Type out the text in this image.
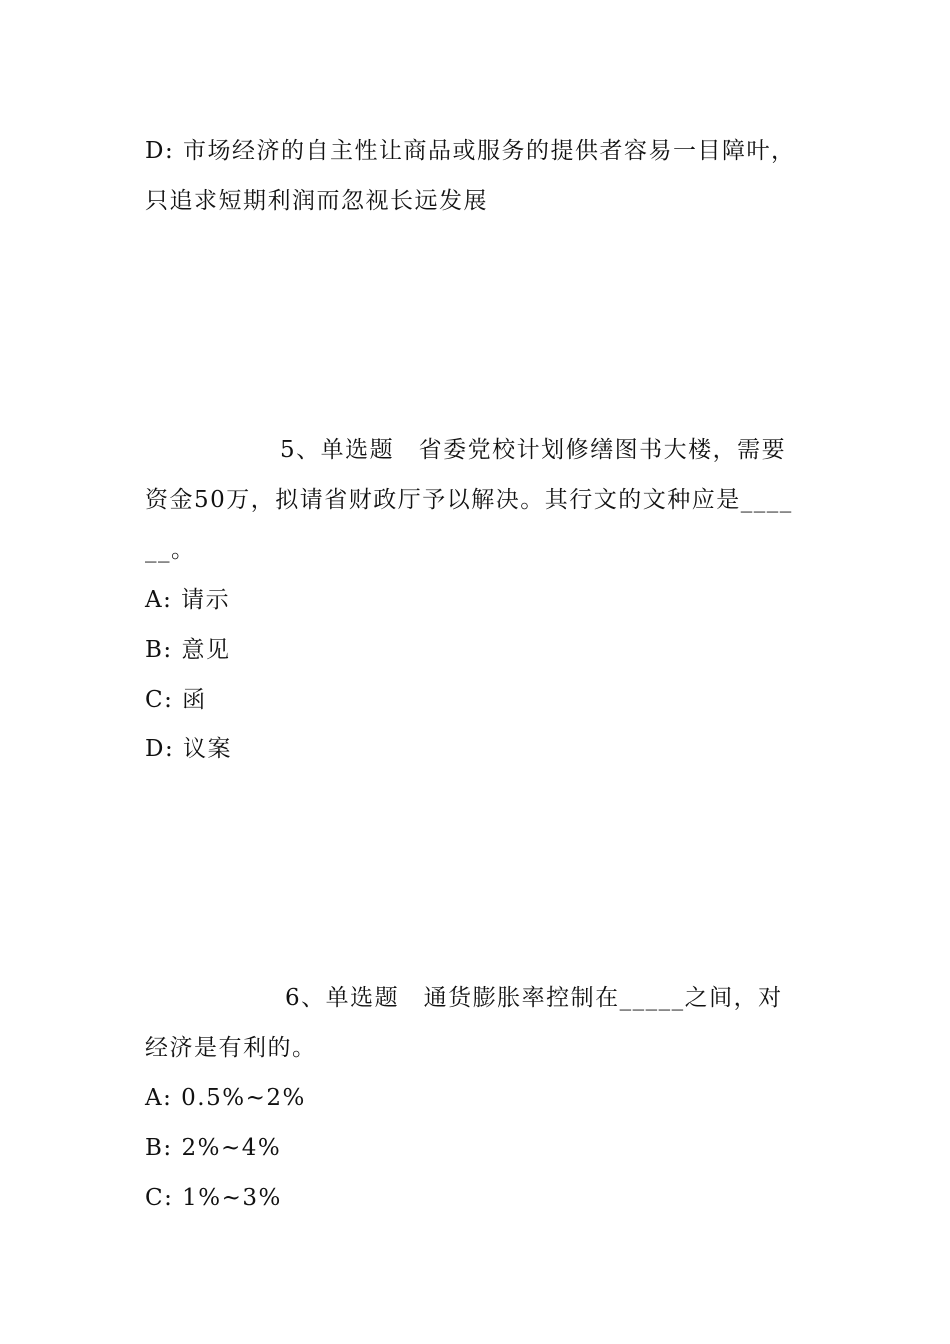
D: 市场经济的自主性让商品或服务的提供者容易一目障叶，
只追求短期利润而忽视长远发展
5、单选题　省委党校计划修缮图书大楼，需要
资金50万，拟请省财政厅予以解决。其行文的文种应是____
__。
A: 请示
B: 意见
C: 函
D: 议案
6、单选题　通货膨胀率控制在_____之间，对
经济是有利的。
A: 0.5%~2%
B: 2%~4%
C: 1%~3%
